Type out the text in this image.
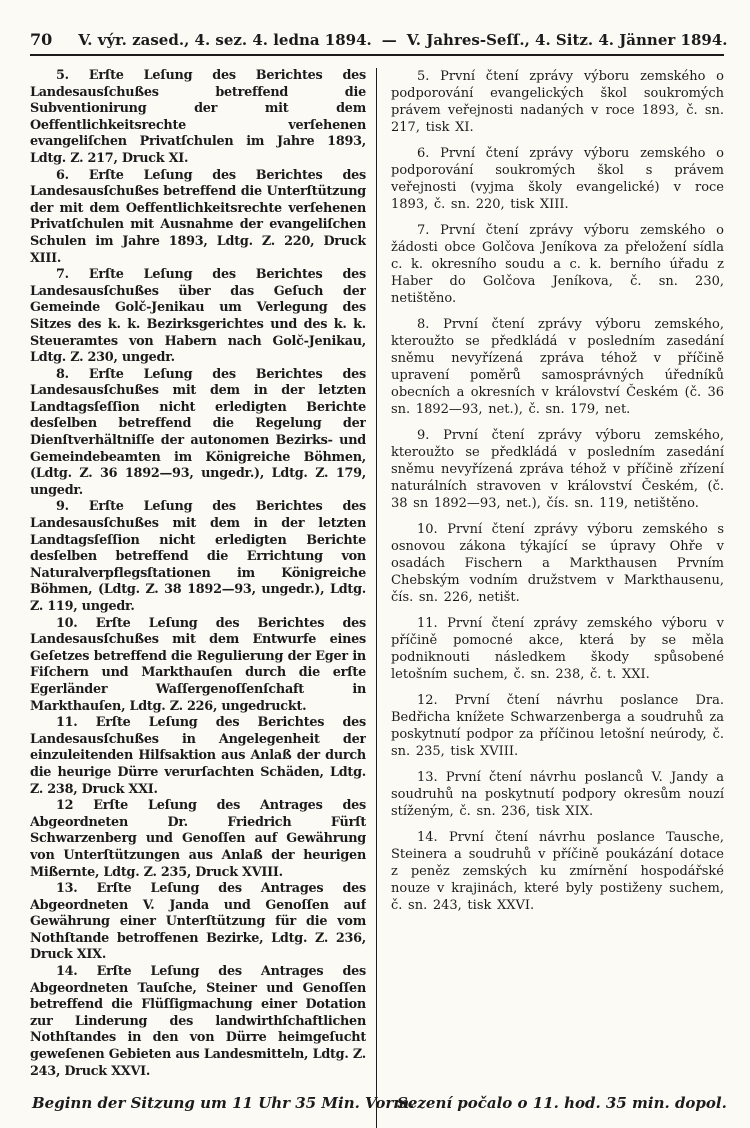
70 V. výr. zased., 4. sez. 4. ledna 1894. — V. Jahres-Seſſ., 4. Sitz. 4. Jänner 1894.

5. Erſte Leſung des Berichtes des Landesausſchußes betreffend die Subventionirung der mit dem Oeffentlichkeitsrechte verſehenen evangeliſchen Privatſchulen im Jahre 1893, Ldtg. Z. 217, Druck XI.

6. Erſte Leſung des Berichtes des Landesausſchußes betreffend die Unterſtützung der mit dem Oeffentlichkeitsrechte verſehenen Privatſchulen mit Ausnahme der evangeliſchen Schulen im Jahre 1893, Ldtg. Z. 220, Druck XIII.

7. Erſte Leſung des Berichtes des Landesausſchußes über das Geſuch der Gemeinde Golč-Jenikau um Verlegung des Sitzes des k. k. Bezirksgerichtes und des k. k. Steueramtes von Habern nach Golč-Jenikau, Ldtg. Z. 230, ungedr.

8. Erſte Leſung des Berichtes des Landesausſchußes mit dem in der letzten Landtagsſeſſion nicht erledigten Berichte desſelben betreffend die Regelung der Dienſtverhältniſſe der autonomen Bezirks- und Gemeindebeamten im Königreiche Böhmen, (Ldtg. Z. 36 1892—93, ungedr.), Ldtg. Z. 179, ungedr.

9. Erſte Leſung des Berichtes des Landesausſchußes mit dem in der letzten Landtagsſeſſion nicht erledigten Berichte desſelben betreffend die Errichtung von Naturalverpflegsſtationen im Königreiche Böhmen, (Ldtg. Z. 38 1892—93, ungedr.), Ldtg. Z. 119, ungedr.

10. Erſte Leſung des Berichtes des Landesausſchußes mit dem Entwurfe eines Geſetzes betreffend die Regulierung der Eger in Fiſchern und Markthauſen durch die erſte Egerländer Waſſergenoſſenſchaft in Markthauſen, Ldtg. Z. 226, ungedruckt.

11. Erſte Leſung des Berichtes des Landesausſchußes in Angelegenheit der einzuleitenden Hilfsaktion aus Anlaß der durch die heurige Dürre verurſachten Schäden, Ldtg. Z. 238, Druck XXI.

12 Erſte Leſung des Antrages des Abgeordneten Dr. Friedrich Fürſt Schwarzenberg und Genoſſen auf Gewährung von Unterſtützungen aus Anlaß der heurigen Mißernte, Ldtg. Z. 235, Druck XVIII.

13. Erſte Leſung des Antrages des Abgeordneten V. Janda und Genoſſen auf Gewährung einer Unterſtützung für die vom Nothſtande betroffenen Bezirke, Ldtg. Z. 236, Druck XIX.

14. Erſte Leſung des Antrages des Abgeordneten Tauſche, Steiner und Genoſſen betreffend die Flüſſigmachung einer Dotation zur Linderung des landwirthſchaftlichen Nothſtandes in den von Dürre heimgeſucht geweſenen Gebieten aus Landesmitteln, Ldtg. Z. 243, Druck XXVI.

Beginn der Sitzung um 11 Uhr 35 Min. Vorm.

5. První čtení zprávy výboru zemského o podporování evangelických škol soukromých právem veřejnosti nadaných v roce 1893, č. sn. 217, tisk XI.

6. První čtení zprávy výboru zemského o podporování soukromých škol s právem veřejnosti (vyjma školy evangelické) v roce 1893, č. sn. 220, tisk XIII.

7. První čtení zprávy výboru zemského o žádosti obce Golčova Jeníkova za přeložení sídla c. k. okresního soudu a c. k. berního úřadu z Haber do Golčova Jeníkova, č. sn. 230, netištěno.

8. První čtení zprávy výboru zemského, kteroužto se předkládá v posledním zasedání sněmu nevyřízená zpráva téhož v příčině upravení poměrů samosprávných úředníků obecních a okresních v království Českém (č. 36 sn. 1892—93, net.), č. sn. 179, net.

9. První čtení zprávy výboru zemského, kteroužto se předkládá v posledním zasedání sněmu nevyřízená zpráva téhož v příčině zřízení naturálních stravoven v království Českém, (č. 38 sn 1892—93, net.), čís. sn. 119, netištěno.

10. První čtení zprávy výboru zemského s osnovou zákona týkající se úpravy Ohře v osadách Fischern a Markthausen Prvním Chebským vodním družstvem v Markthausenu, čís. sn. 226, netišt.

11. První čtení zprávy zemského výboru v příčině pomocné akce, která by se měla podniknouti následkem škody spůsobené letošním suchem, č. sn. 238, č. t. XXI.

12. První čtení návrhu poslance Dra. Bedřicha knížete Schwarzenberga a soudruhů za poskytnutí podpor za příčinou letošní neúrody, č. sn. 235, tisk XVIII.

13. První čtení návrhu poslanců V. Jandy a soudruhů na poskytnutí podpory okresům nouzí stíženým, č. sn. 236, tisk XIX.

14. První čtení návrhu poslance Tausche, Steinera a soudruhů v příčině poukázání dotace z peněz zemských ku zmírnění hospodářské nouze v krajinách, které byly postiženy suchem, č. sn. 243, tisk XXVI.

Sezení počalo o 11. hod. 35 min. dopol.
